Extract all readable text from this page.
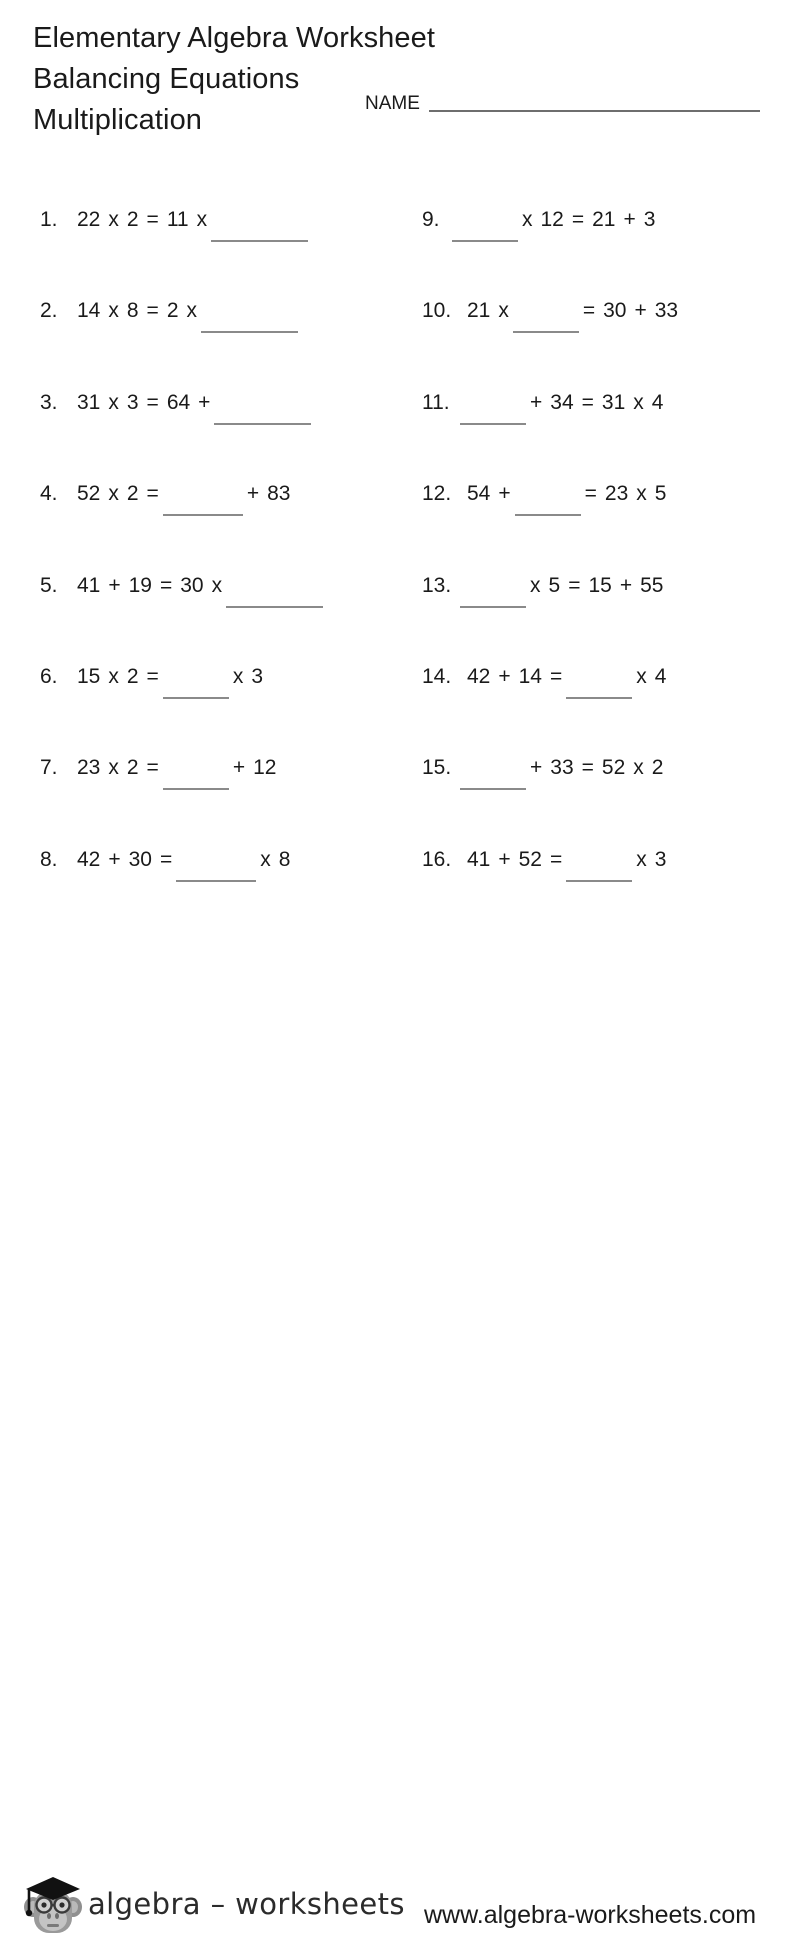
Elementary Algebra Worksheet
Balancing Equations
Multiplication
NAME
1. 22 x 2 = 11 x	9.	x 12 = 21 + 3
2. 14 x 8 = 2 x	10. 21 x	= 30 + 33
3. 31 x 3 = 64 +	11.	+ 34 = 31 x 4
4. 52 x 2 =	+ 83	12. 54 +	= 23 x 5
5. 41 + 19 = 30 x	13.	x 5 = 15 + 55
6. 15 x 2 =	x 3	14. 42 + 14 =	x 4
7. 23 x 2 =	+ 12	15.	+ 33 = 52 x 2
8. 42 + 30 =	x 8	16. 41 + 52 =	x 3
algebra – worksheets www.algebra-worksheets.com
